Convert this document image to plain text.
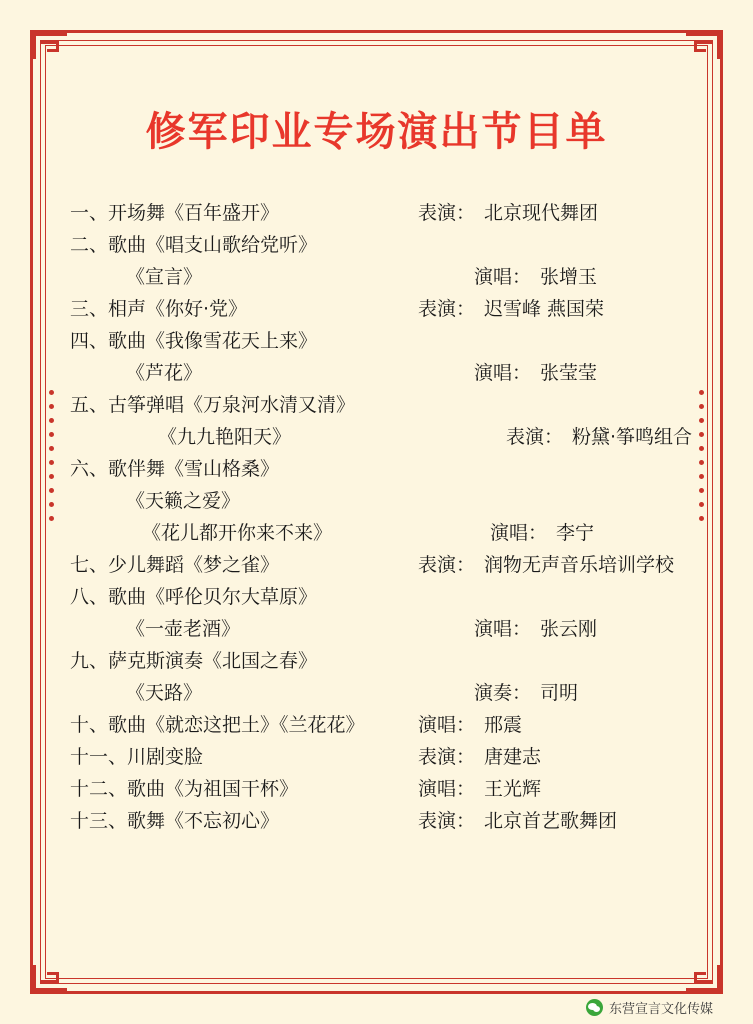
修军印业专场演出节目单
一、开场舞《百年盛开》	表演： 北京现代舞团
二、歌曲《唱支山歌给党听》
《宣言》	演唱： 张增玉
三、相声《你好·党》	表演： 迟雪峰 燕国荣
四、歌曲《我像雪花天上来》
《芦花》	演唱： 张莹莹
五、古筝弹唱《万泉河水清又清》
《九九艳阳天》	表演： 粉黛·筝鸣组合
六、歌伴舞《雪山格桑》
《天籁之爱》
《花儿都开你来不来》	演唱： 李宁
七、少儿舞蹈《梦之雀》	表演： 润物无声音乐培训学校
八、歌曲《呼伦贝尔大草原》
《一壶老酒》	演唱： 张云刚
九、萨克斯演奏《北国之春》
《天路》	演奏： 司明
十、歌曲《就恋这把土》《兰花花》	演唱： 邢震
十一、川剧变脸	表演： 唐建志
十二、歌曲《为祖国干杯》	演唱： 王光辉
十三、歌舞《不忘初心》	表演： 北京首艺歌舞团
东营宣言文化传媒
